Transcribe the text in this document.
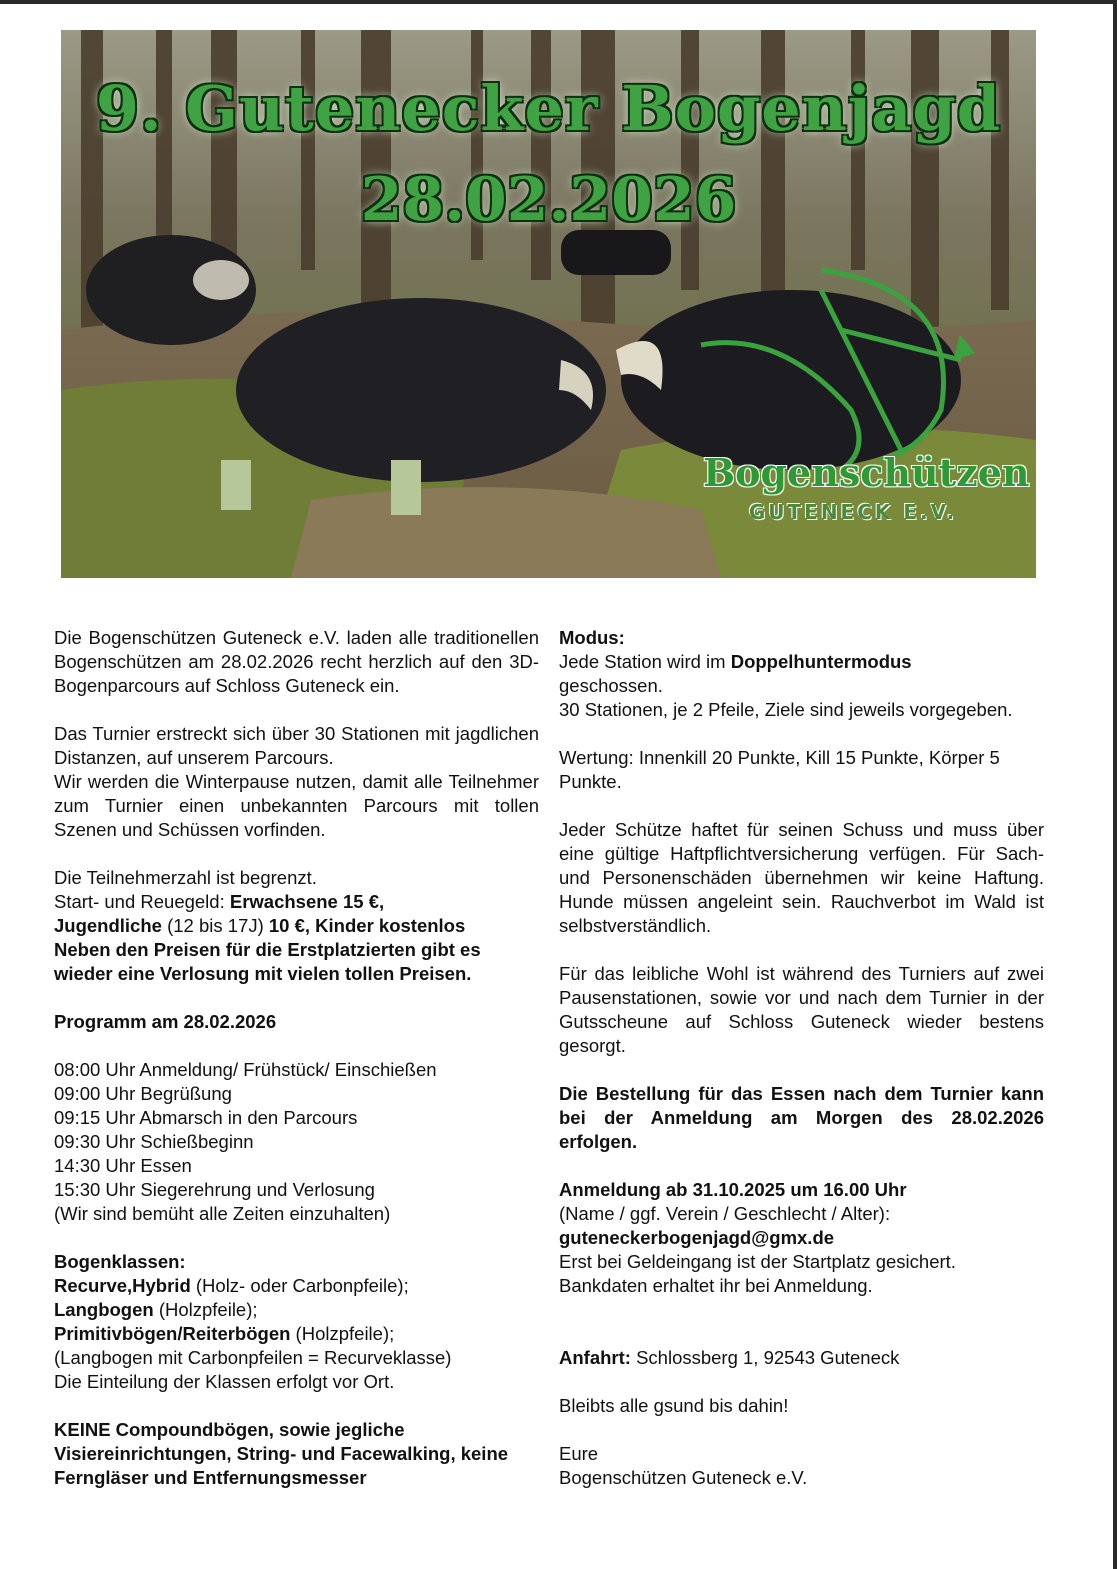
9. Gutenecker Bogenjagd
28.02.2026
Bogenschützen
GUTENECK E.V.

Die Bogenschützen Guteneck e.V. laden alle traditionellen Bogenschützen am 28.02.2026 recht herzlich auf den 3D-Bogenparcours auf Schloss Guteneck ein.

Das Turnier erstreckt sich über 30 Stationen mit jagdlichen Distanzen, auf unserem Parcours.
Wir werden die Winterpause nutzen, damit alle Teilnehmer zum Turnier einen unbekannten Parcours mit tollen Szenen und Schüssen vorfinden.

Die Teilnehmerzahl ist begrenzt.
Start- und Reuegeld: Erwachsene 15 €,
Jugendliche (12 bis 17J) 10 €, Kinder kostenlos
Neben den Preisen für die Erstplatzierten gibt es wieder eine Verlosung mit vielen tollen Preisen.

Programm am 28.02.2026

08:00 Uhr Anmeldung/ Frühstück/ Einschießen
09:00 Uhr Begrüßung
09:15 Uhr Abmarsch in den Parcours
09:30 Uhr Schießbeginn
14:30 Uhr Essen
15:30 Uhr Siegerehrung und Verlosung
(Wir sind bemüht alle Zeiten einzuhalten)

Bogenklassen:
Recurve,Hybrid (Holz- oder Carbonpfeile);
Langbogen (Holzpfeile);
Primitivbögen/Reiterbögen (Holzpfeile);
(Langbogen mit Carbonpfeilen = Recurveklasse)
Die Einteilung der Klassen erfolgt vor Ort.

KEINE Compoundbögen, sowie jegliche Visiereinrichtungen, String- und Facewalking, keine Ferngläser und Entfernungsmesser

Modus:
Jede Station wird im Doppelhuntermodus
geschossen.
30 Stationen, je 2 Pfeile, Ziele sind jeweils vorgegeben.

Wertung: Innenkill 20 Punkte, Kill 15 Punkte, Körper 5 Punkte.

Jeder Schütze haftet für seinen Schuss und muss über eine gültige Haftpflichtversicherung verfügen. Für Sach- und Personenschäden übernehmen wir keine Haftung. Hunde müssen angeleint sein. Rauchverbot im Wald ist selbstverständlich.

Für das leibliche Wohl ist während des Turniers auf zwei Pausenstationen, sowie vor und nach dem Turnier in der Gutsscheune auf Schloss Guteneck wieder bestens gesorgt.

Die Bestellung für das Essen nach dem Turnier kann bei der Anmeldung am Morgen des 28.02.2026 erfolgen.

Anmeldung ab 31.10.2025 um 16.00 Uhr
(Name / ggf. Verein / Geschlecht / Alter):
guteneckerbogenjagd@gmx.de
Erst bei Geldeingang ist der Startplatz gesichert.
Bankdaten erhaltet ihr bei Anmeldung.

Anfahrt: Schlossberg 1, 92543 Guteneck

Bleibts alle gsund bis dahin!

Eure
Bogenschützen Guteneck e.V.
